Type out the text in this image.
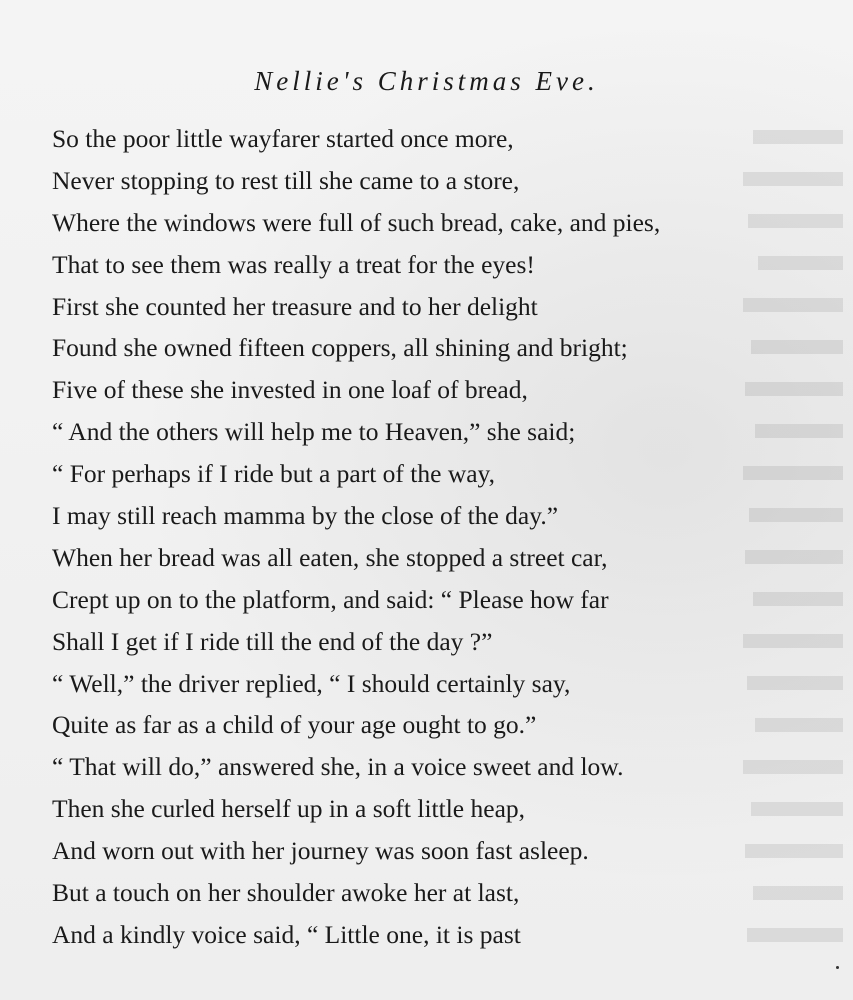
Nellie's Christmas Eve.
So the poor little wayfarer started once more,
Never stopping to rest till she came to a store,
Where the windows were full of such bread, cake, and pies,
That to see them was really a treat for the eyes!
First she counted her treasure and to her delight
Found she owned fifteen coppers, all shining and bright;
Five of these she invested in one loaf of bread,
“ And the others will help me to Heaven,” she said;
“ For perhaps if I ride but a part of the way,
I may still reach mamma by the close of the day.”
When her bread was all eaten, she stopped a street car,
Crept up on to the platform, and said: “ Please how far
Shall I get if I ride till the end of the day ?”
“ Well,” the driver replied, “ I should certainly say,
Quite as far as a child of your age ought to go.”
“ That will do,” answered she, in a voice sweet and low.
Then she curled herself up in a soft little heap,
And worn out with her journey was soon fast asleep.
But a touch on her shoulder awoke her at last,
And a kindly voice said, “ Little one, it is past
